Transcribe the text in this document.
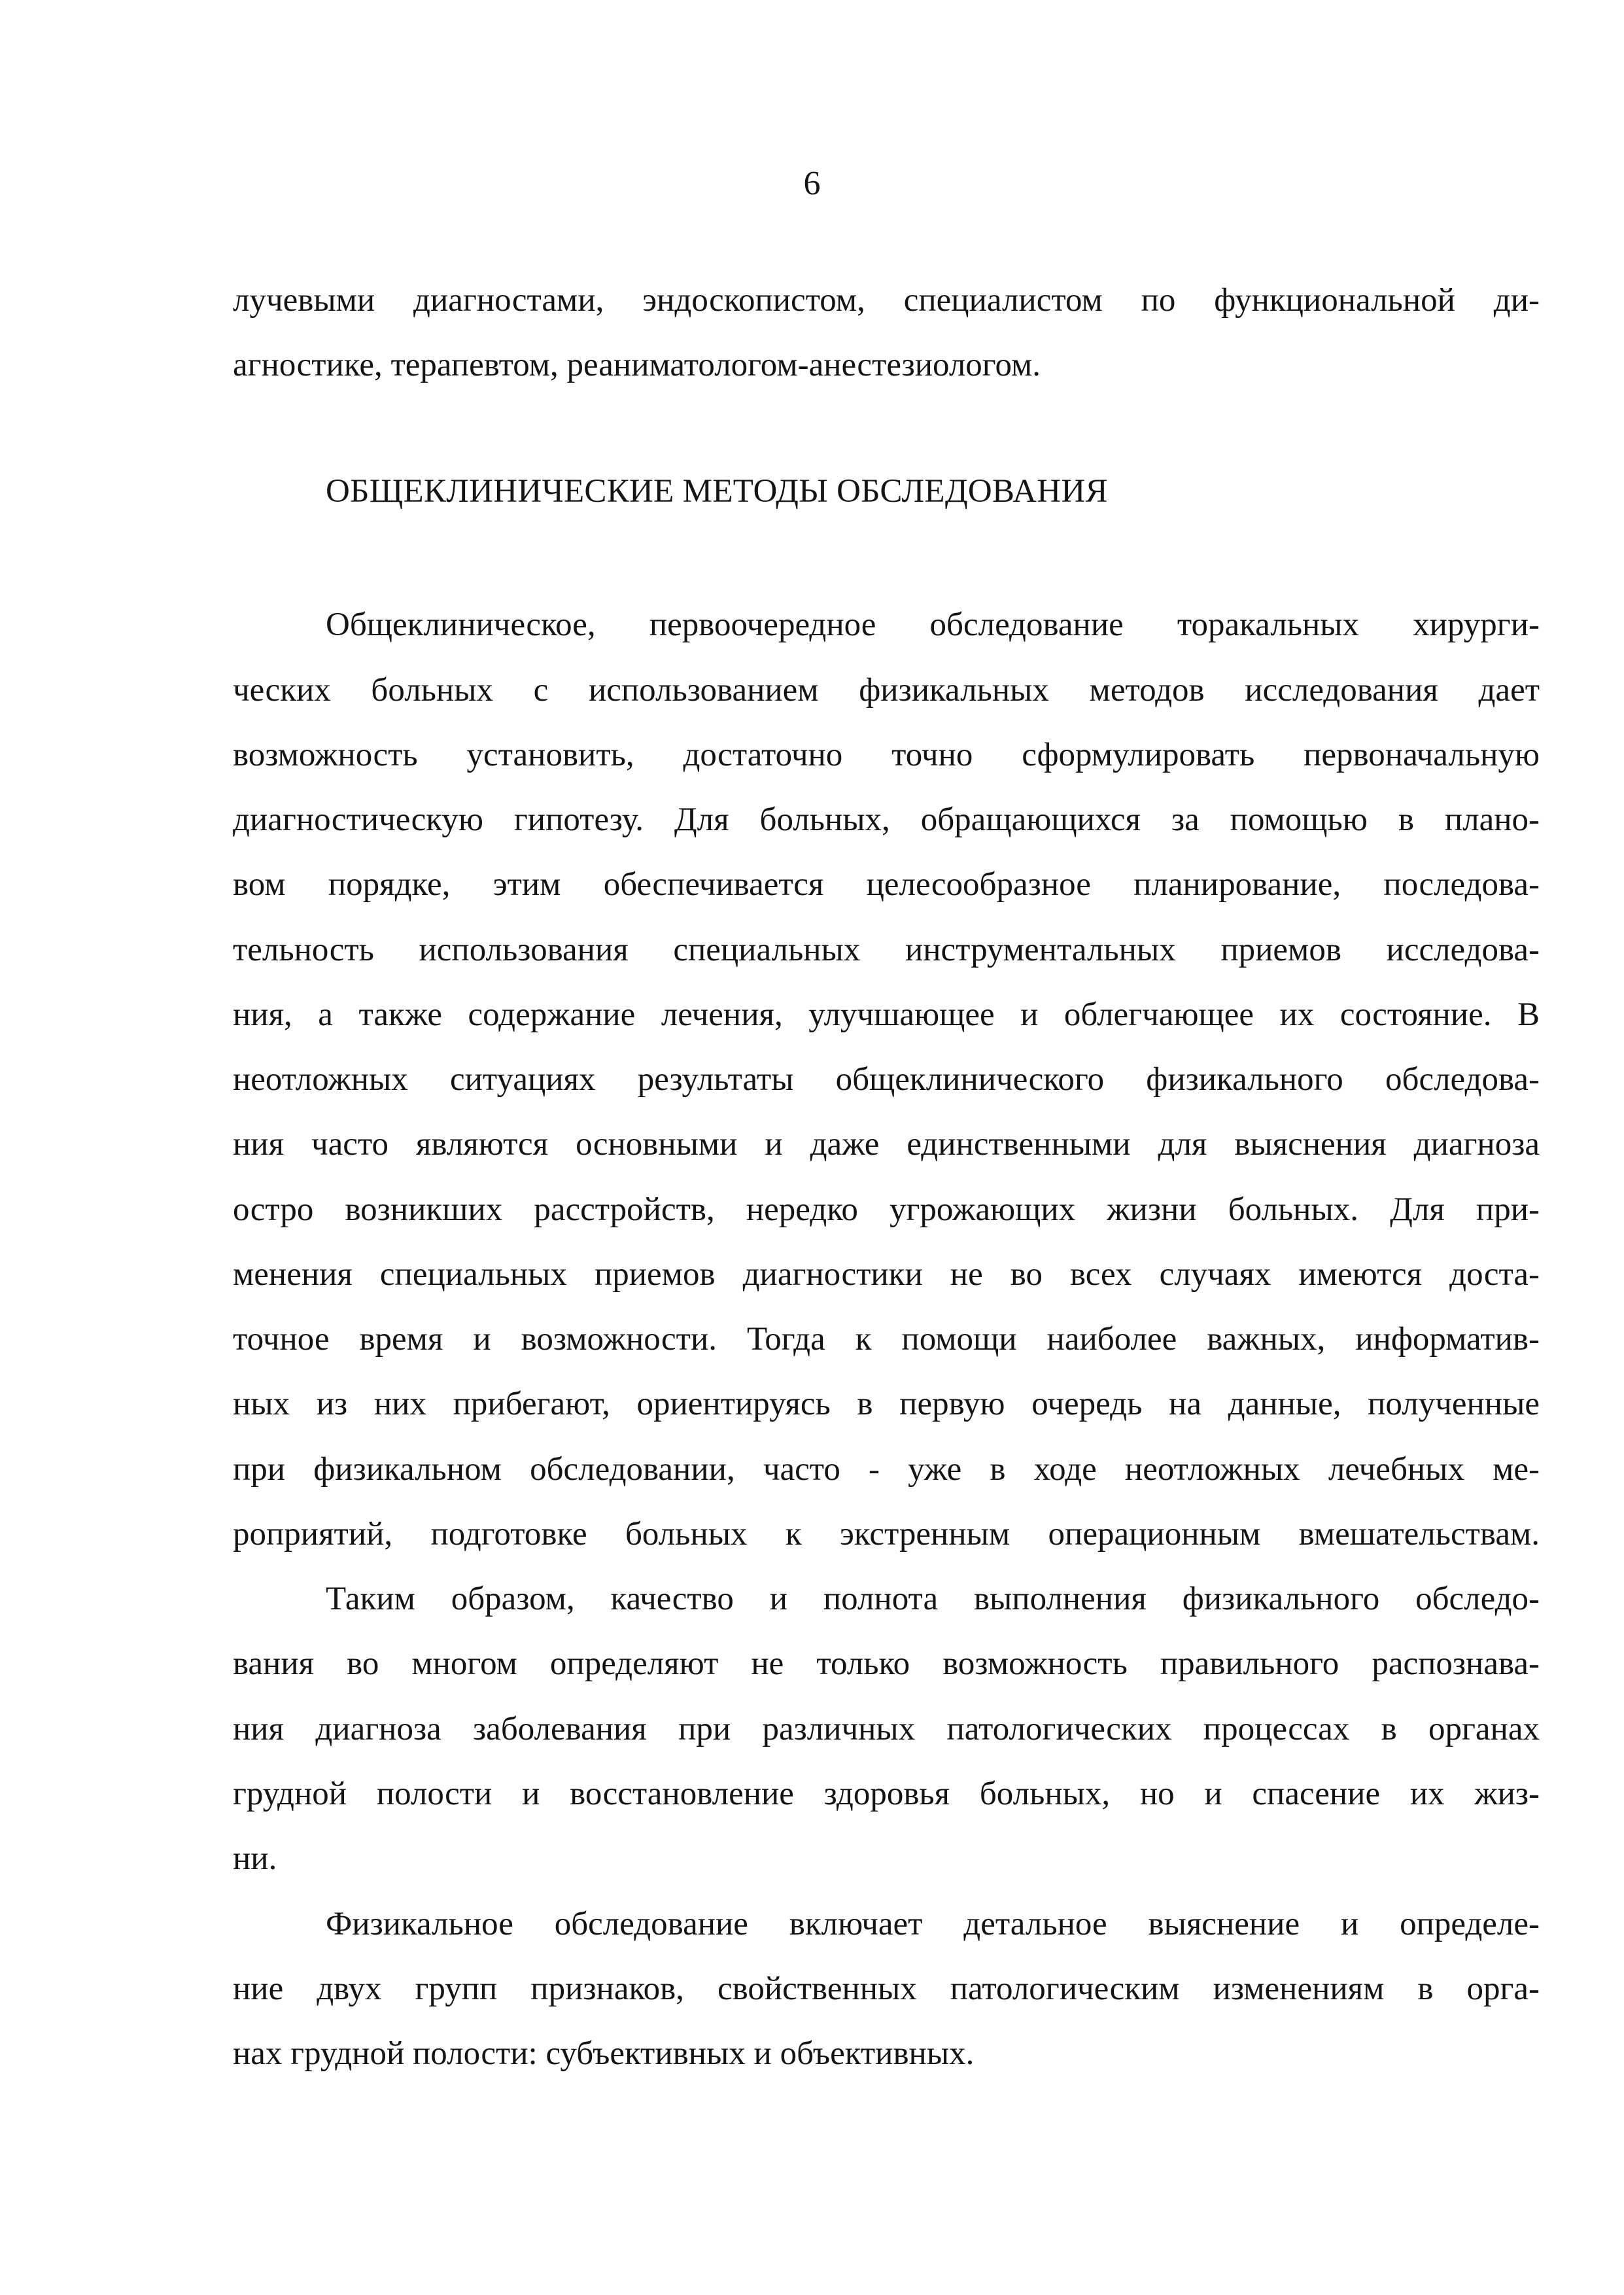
6
лучевыми диагностами, эндоскопистом, специалистом по функциональной ди-
агностике, терапевтом, реаниматологом-анестезиологом.
ОБЩЕКЛИНИЧЕСКИЕ МЕТОДЫ ОБСЛЕДОВАНИЯ
Общеклиническое, первоочередное обследование торакальных хирурги-
ческих больных с использованием физикальных методов исследования дает
возможность установить, достаточно точно сформулировать первоначальную
диагностическую гипотезу. Для больных, обращающихся за помощью в плано-
вом порядке, этим обеспечивается целесообразное планирование, последова-
тельность использования специальных инструментальных приемов исследова-
ния, а также содержание лечения, улучшающее и облегчающее их состояние. В
неотложных ситуациях результаты общеклинического физикального обследова-
ния часто являются основными и даже единственными для выяснения диагноза
остро возникших расстройств, нередко угрожающих жизни больных. Для при-
менения специальных приемов диагностики не во всех случаях имеются доста-
точное время и возможности. Тогда к помощи наиболее важных, информатив-
ных из них прибегают, ориентируясь в первую очередь на данные, полученные
при физикальном обследовании, часто - уже в ходе неотложных лечебных ме-
роприятий, подготовке больных к экстренным операционным вмешательствам.
Таким образом, качество и полнота выполнения физикального обследо-
вания во многом определяют не только возможность правильного распознава-
ния диагноза заболевания при различных патологических процессах в органах
грудной полости и восстановление здоровья больных, но и спасение их жиз-
ни.
Физикальное обследование включает детальное выяснение и определе-
ние двух групп признаков, свойственных патологическим изменениям в орга-
нах грудной полости: субъективных и объективных.
